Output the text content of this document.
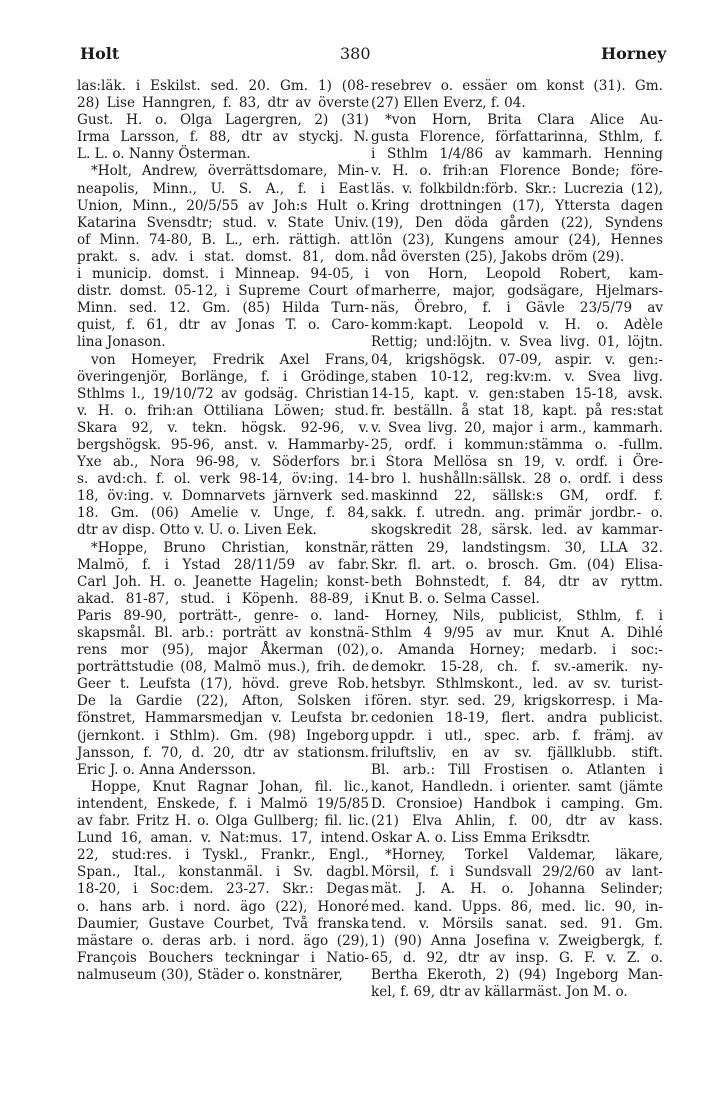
Holt	380	Horney
las:läk. i Eskilst. sed. 20. Gm. 1) (08-
28) Lise Hanngren, f. 83, dtr av överste
Gust. H. o. Olga Lagergren, 2) (31)
Irma Larsson, f. 88, dtr av styckj. N.
L. L. o. Nanny Österman.
*Holt, Andrew, överrättsdomare, Min-
neapolis, Minn., U. S. A., f. i East
Union, Minn., 20/5/55 av Joh:s Hult o.
Katarina Svensdtr; stud. v. State Univ.
of Minn. 74-80, B. L., erh. rättigh. att
prakt. s. adv. i stat. domst. 81, dom.
i municip. domst. i Minneap. 94-05, i
distr. domst. 05-12, i Supreme Court of
Minn. sed. 12. Gm. (85) Hilda Turn-
quist, f. 61, dtr av Jonas T. o. Caro-
lina Jonason.
von Homeyer, Fredrik Axel Frans,
överingenjör, Borlänge, f. i Grödinge,
Sthlms l., 19/10/72 av godsäg. Christian
v. H. o. frih:an Ottiliana Löwen; stud.
Skara 92, v. tekn. högsk. 92-96, v.
bergshögsk. 95-96, anst. v. Hammarby-
Yxe ab., Nora 96-98, v. Söderfors br.
s. avd:ch. f. ol. verk 98-14, öv:ing. 14-
18, öv:ing. v. Domnarvets järnverk sed.
18. Gm. (06) Amelie v. Unge, f. 84,
dtr av disp. Otto v. U. o. Liven Eek.
*Hoppe, Bruno Christian, konstnär,
Malmö, f. i Ystad 28/11/59 av fabr.
Carl Joh. H. o. Jeanette Hagelin; konst-
akad. 81-87, stud. i Köpenh. 88-89, i
Paris 89-90, porträtt-, genre- o. land-
skapsmål. Bl. arb.: porträtt av konstnä-
rens mor (95), major Åkerman (02),
porträttstudie (08, Malmö mus.), frih. de
Geer t. Leufsta (17), hövd. greve Rob.
De la Gardie (22), Afton, Solsken i
fönstret, Hammarsmedjan v. Leufsta br.
(jernkont. i Sthlm). Gm. (98) Ingeborg
Jansson, f. 70, d. 20, dtr av stationsm.
Eric J. o. Anna Andersson.
Hoppe, Knut Ragnar Johan, fil. lic.,
intendent, Enskede, f. i Malmö 19/5/85
av fabr. Fritz H. o. Olga Gullberg; fil. lic.
Lund 16, aman. v. Nat:mus. 17, intend.
22, stud:res. i Tyskl., Frankr., Engl.,
Span., Ital., konstanmäl. i Sv. dagbl.
18-20, i Soc:dem. 23-27. Skr.: Degas
o. hans arb. i nord. ägo (22), Honoré
Daumier, Gustave Courbet, Två franska
mästare o. deras arb. i nord. ägo (29),
François Bouchers teckningar i Natio-
nalmuseum (30), Städer o. konstnärer,
resebrev o. essäer om konst (31). Gm.
(27) Ellen Everz, f. 04.
*von Horn, Brita Clara Alice Au-
gusta Florence, författarinna, Sthlm, f.
i Sthlm 1/4/86 av kammarh. Henning
v. H. o. frih:an Florence Bonde; före-
läs. v. folkbildn:förb. Skr.: Lucrezia (12),
Kring drottningen (17), Yttersta dagen
(19), Den döda gården (22), Syndens
lön (23), Kungens amour (24), Hennes
nåd översten (25), Jakobs dröm (29).
von Horn, Leopold Robert, kam-
marherre, major, godsägare, Hjelmars-
näs, Örebro, f. i Gävle 23/5/79 av
komm:kapt. Leopold v. H. o. Adèle
Rettig; und:löjtn. v. Svea livg. 01, löjtn.
04, krigshögsk. 07-09, aspir. v. gen:-
staben 10-12, reg:kv:m. v. Svea livg.
14-15, kapt. v. gen:staben 15-18, avsk.
fr. beställn. å stat 18, kapt. på res:stat
v. Svea livg. 20, major i arm., kammarh.
25, ordf. i kommun:stämma o. -fullm.
i Stora Mellösa sn 19, v. ordf. i Öre-
bro l. hushålln:sällsk. 28 o. ordf. i dess
maskinnd 22, sällsk:s GM, ordf. f.
sakk. f. utredn. ang. primär jordbr.- o.
skogskredit 28, särsk. led. av kammar-
rätten 29, landstingsm. 30, LLA 32.
Skr. fl. art. o. brosch. Gm. (04) Elisa-
beth Bohnstedt, f. 84, dtr av ryttm.
Knut B. o. Selma Cassel.
Horney, Nils, publicist, Sthlm, f. i
Sthlm 4 9/95 av mur. Knut A. Dihlé
o. Amanda Horney; medarb. i soc:-
demokr. 15-28, ch. f. sv.-amerik. ny-
hetsbyr. Sthlmskont., led. av sv. turist-
fören. styr. sed. 29, krigskorresp. i Ma-
cedonien 18-19, flert. andra publicist.
uppdr. i utl., spec. arb. f. främj. av
friluftsliv, en av sv. fjällklubb. stift.
Bl. arb.: Till Frostisen o. Atlanten i
kanot, Handledn. i orienter. samt (jämte
D. Cronsioe) Handbok i camping. Gm.
(21) Elva Ahlin, f. 00, dtr av kass.
Oskar A. o. Liss Emma Eriksdtr.
*Horney, Torkel Valdemar, läkare,
Mörsil, f. i Sundsvall 29/2/60 av lant-
mät. J. A. H. o. Johanna Selinder;
med. kand. Upps. 86, med. lic. 90, in-
tend. v. Mörsils sanat. sed. 91. Gm.
1) (90) Anna Josefina v. Zweigbergk, f.
65, d. 92, dtr av insp. G. F. v. Z. o.
Bertha Ekeroth, 2) (94) Ingeborg Man-
kel, f. 69, dtr av källarmäst. Jon M. o.
